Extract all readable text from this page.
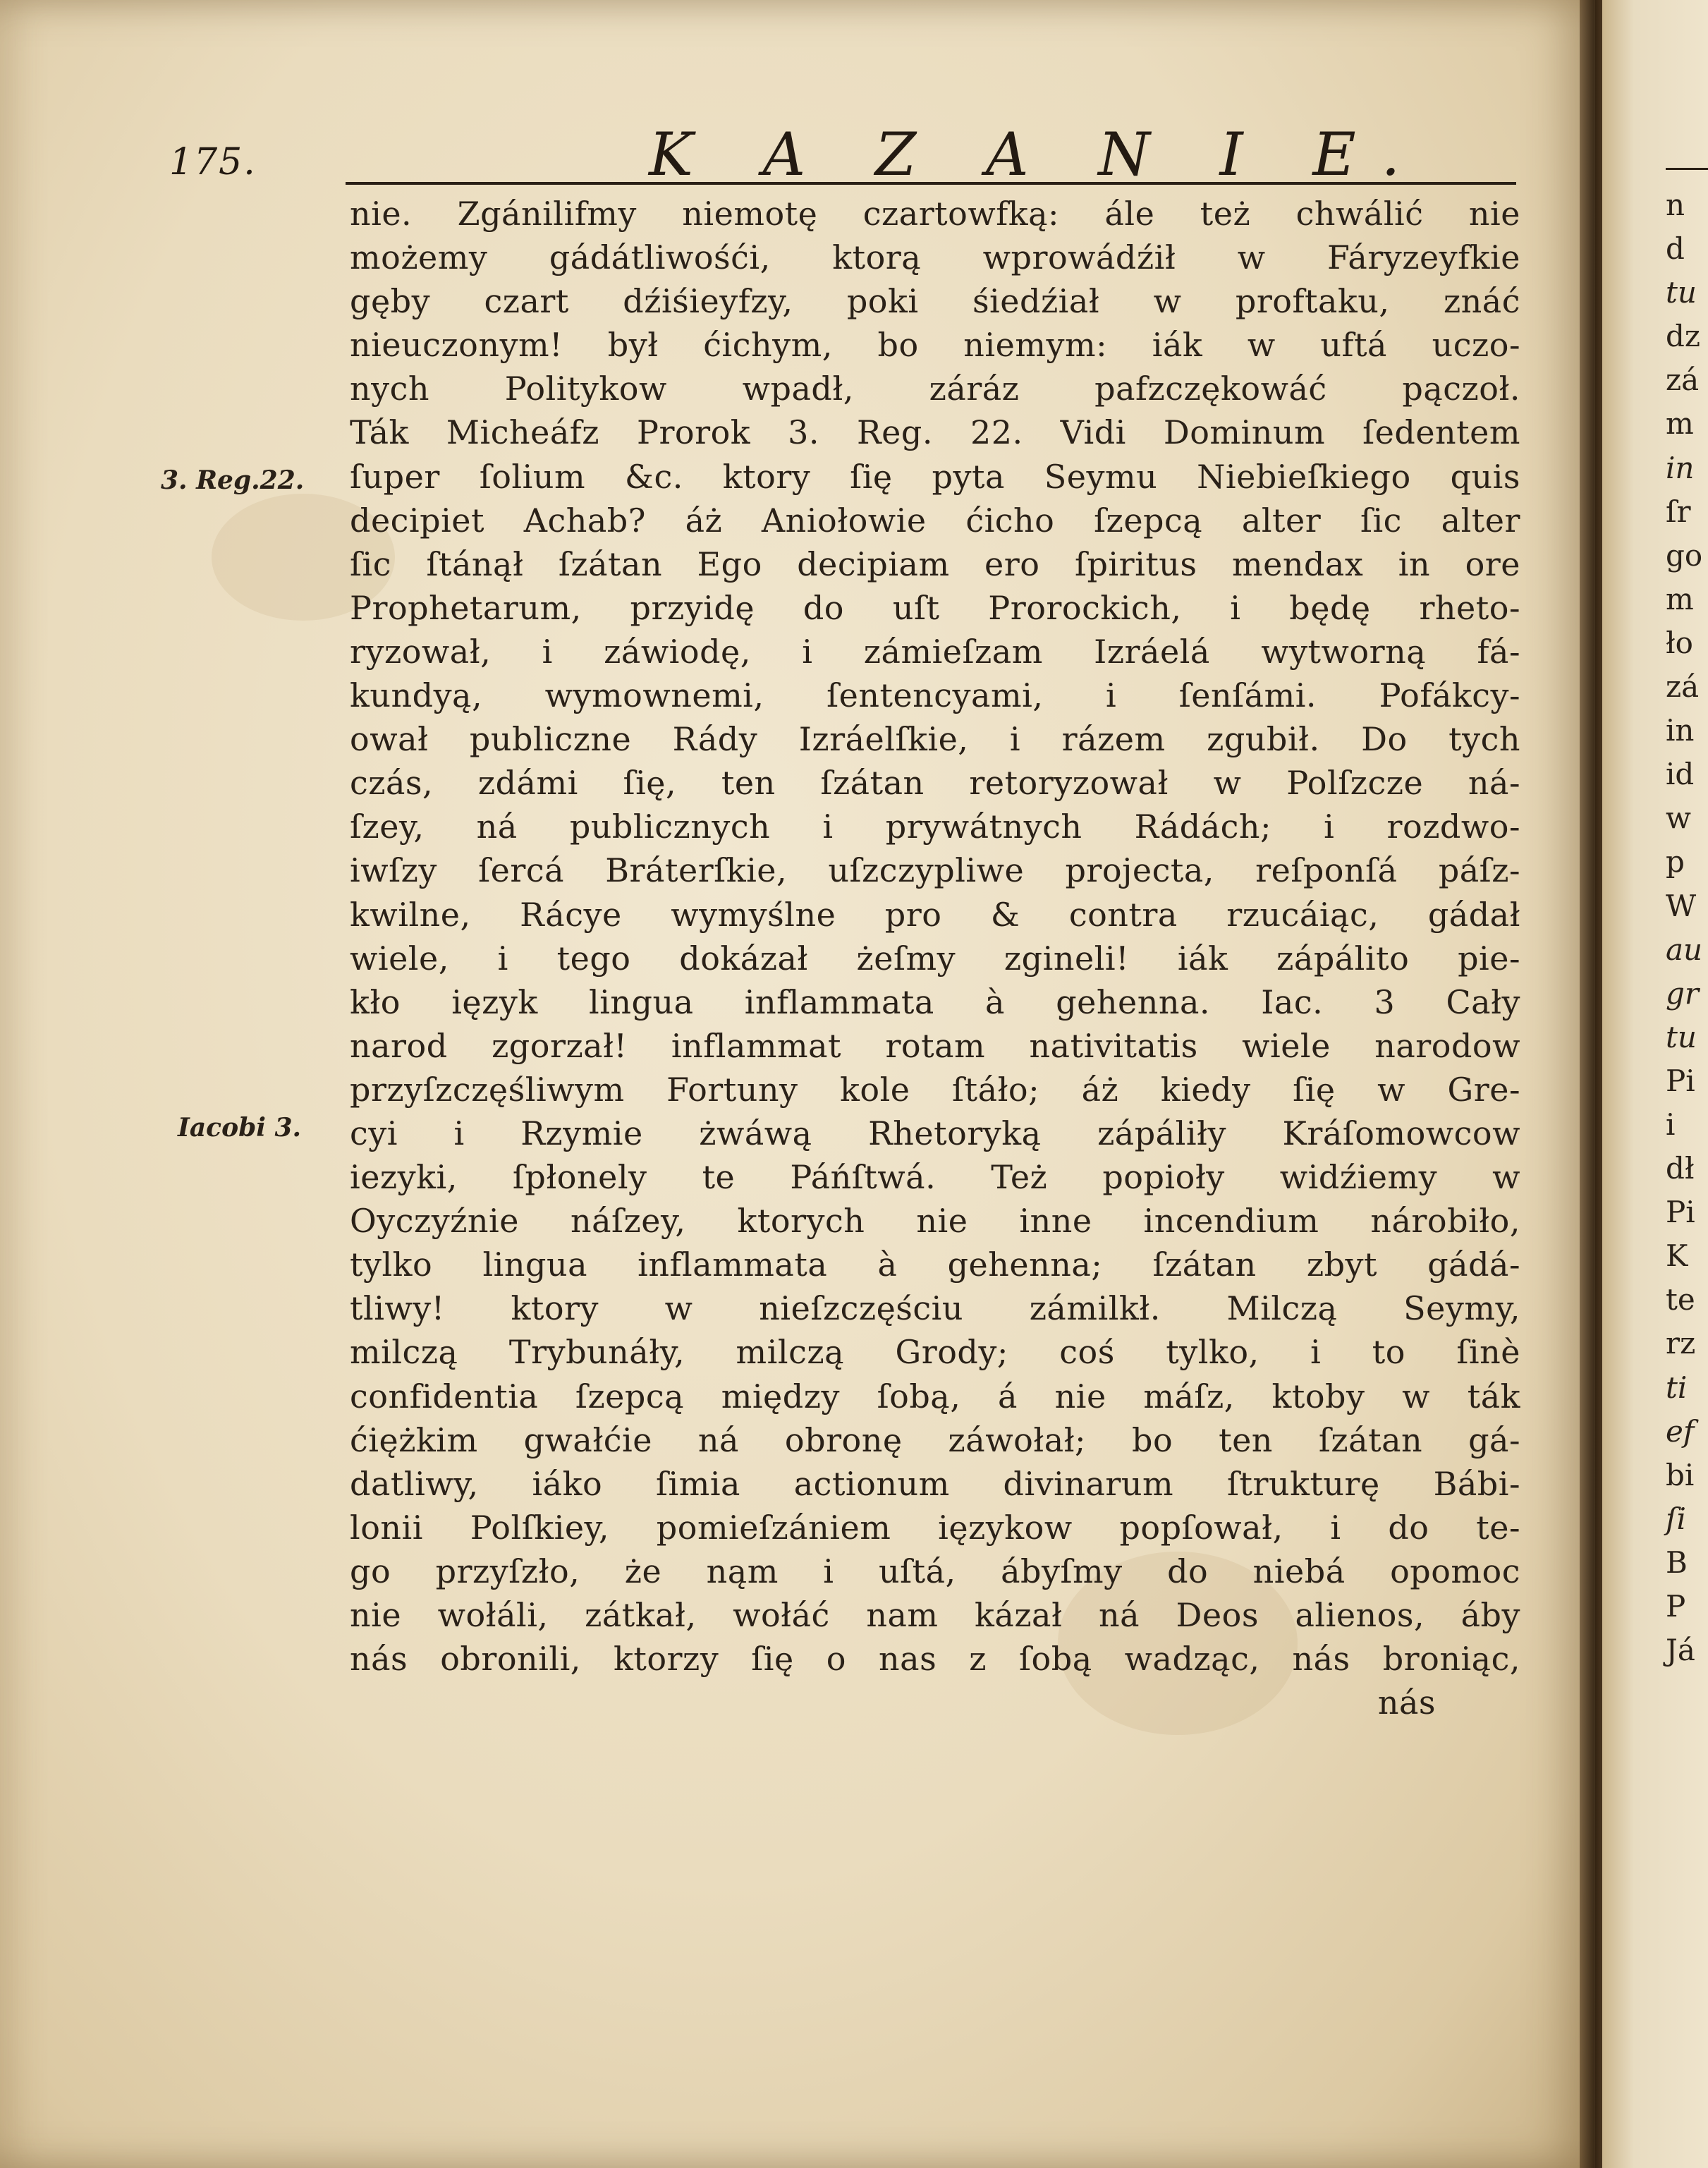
175.	K A Z A N I E.
3. Reg.22.
Iacobi 3.
nie. Zgánilifmy niemotę czartowfką: ále też chwálić nie
możemy gádátliwośći, ktorą wprowádźił w Fáryzeyfkie
gęby czart dźiśieyfzy, poki śiedźiał w proftaku, znáć
nieuczonym! był ćichym, bo niemym: iák w uftá uczo-
nych Politykow wpadł, záráz pafzczękowáć pączoł.
Ták Micheáfz Prorok 3. Reg. 22. Vidi Dominum ſedentem
ſuper ſolium &c. ktory ſię pyta Seymu Niebieſkiego quis
decipiet Achab? áż Aniołowie ćicho ſzepcą alter ſic alter
ſic ſtánął ſzátan Ego decipiam ero ſpiritus mendax in ore
Prophetarum, przyidę do uſt Prorockich, i będę rheto-
ryzował, i záwiodę, i zámieſzam Izráelá wytworną fá-
kundyą, wymownemi, ſentencyami, i ſenſámi. Pofákcy-
ował publiczne Rády Izráelſkie, i rázem zgubił. Do tych
czás, zdámi ſię, ten ſzátan retoryzował w Polſzcze ná-
ſzey, ná publicznych i prywátnych Rádách; i rozdwo-
iwſzy ſercá Bráterſkie, uſzczypliwe projecta, reſponſá páſz-
kwilne, Rácye wymyślne pro & contra rzucáiąc, gádał
wiele, i tego dokázał żeſmy zgineli! iák zápálito pie-
kło ięzyk lingua inflammata à gehenna. Iac. 3 Cały
narod zgorzał! inflammat rotam nativitatis wiele narodow
przyſzczęśliwym Fortuny kole ſtáło; áż kiedy ſię w Gre-
cyi i Rzymie żwáwą Rhetoryką zápáliły Kráſomowcow
iezyki, ſpłonely te Páńſtwá. Też popioły widźiemy w
Oyczyźnie náſzey, ktorych nie inne incendium nárobiło,
tylko lingua inflammata à gehenna; ſzátan zbyt gádá-
tliwy! ktory w nieſzczęściu zámilkł. Milczą Seymy,
milczą Trybunáły, milczą Grody; coś tylko, i to ſinè
confidentia ſzepcą między ſobą, á nie máſz, ktoby w ták
ćiężkim gwałćie ná obronę záwołał; bo ten ſzátan gá-
datliwy, iáko ſimia actionum divinarum ſtrukturę Bábi-
lonii Polſkiey, pomieſzániem ięzykow popſował, i do te-
go przyſzło, że nąm i uſtá, ábyſmy do niebá opomoc
nie wołáli, zátkał, wołáć nam kázał ná Deos alienos, áby
nás obronili, ktorzy ſię o nas z ſobą wadząc, nás broniąc,
nás
n
d
tu
dz
zá
m
in
ſr
go
m
ło
zá
in
id
w
p
W
au
gr
tu
Pi
i
dł
Pi
K
te
rz
ti
ef
bi
ſi
B
P
Já
